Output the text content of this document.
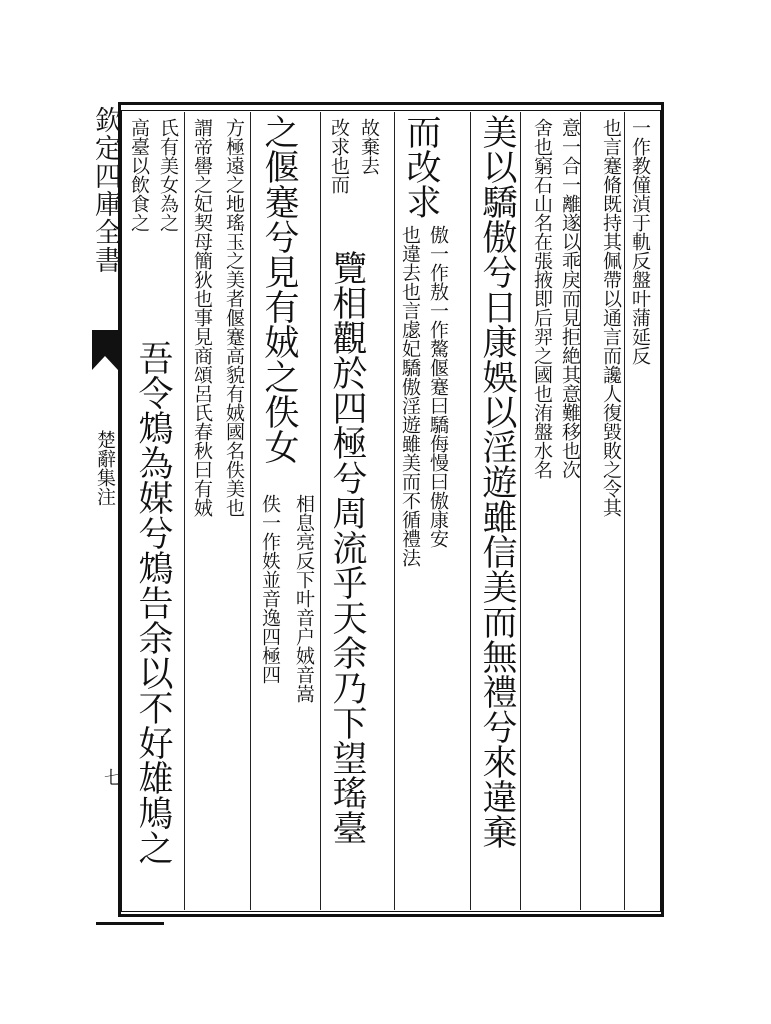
欽定四庫全書
楚辭集注
七
一作教僮湞于軌反盤叶蒲延反
也言蹇脩既持其佩帶以通言而讒人復毀敗之令其
意一合一離遂以乖戾而見拒絶其意難移也次
舍也窮石山名在張掖即后羿之國也洧盤水名
美以驕傲兮日康娛以淫遊雖信美而無禮兮來違棄
傲一作敖一作驁偃蹇曰驕侮慢曰傲康安
也違去也言虙妃驕傲淫遊雖美而不循禮法
而改求
故棄去
改求也而
覽相觀於四極兮周流乎天余乃下望瑤臺
相息亮反下叶音户娀音嵩
佚一作妷並音逸四極四
之偃蹇兮見有娀之佚女
方極遠之地瑤玉之美者偃蹇高貌有娀國名佚美也
謂帝嚳之妃契母簡狄也事見商頌呂氏春秋曰有娀
氏有美女為之
高臺以飲食之
吾令鴆為媒兮鴆告余以不好雄鳩之
